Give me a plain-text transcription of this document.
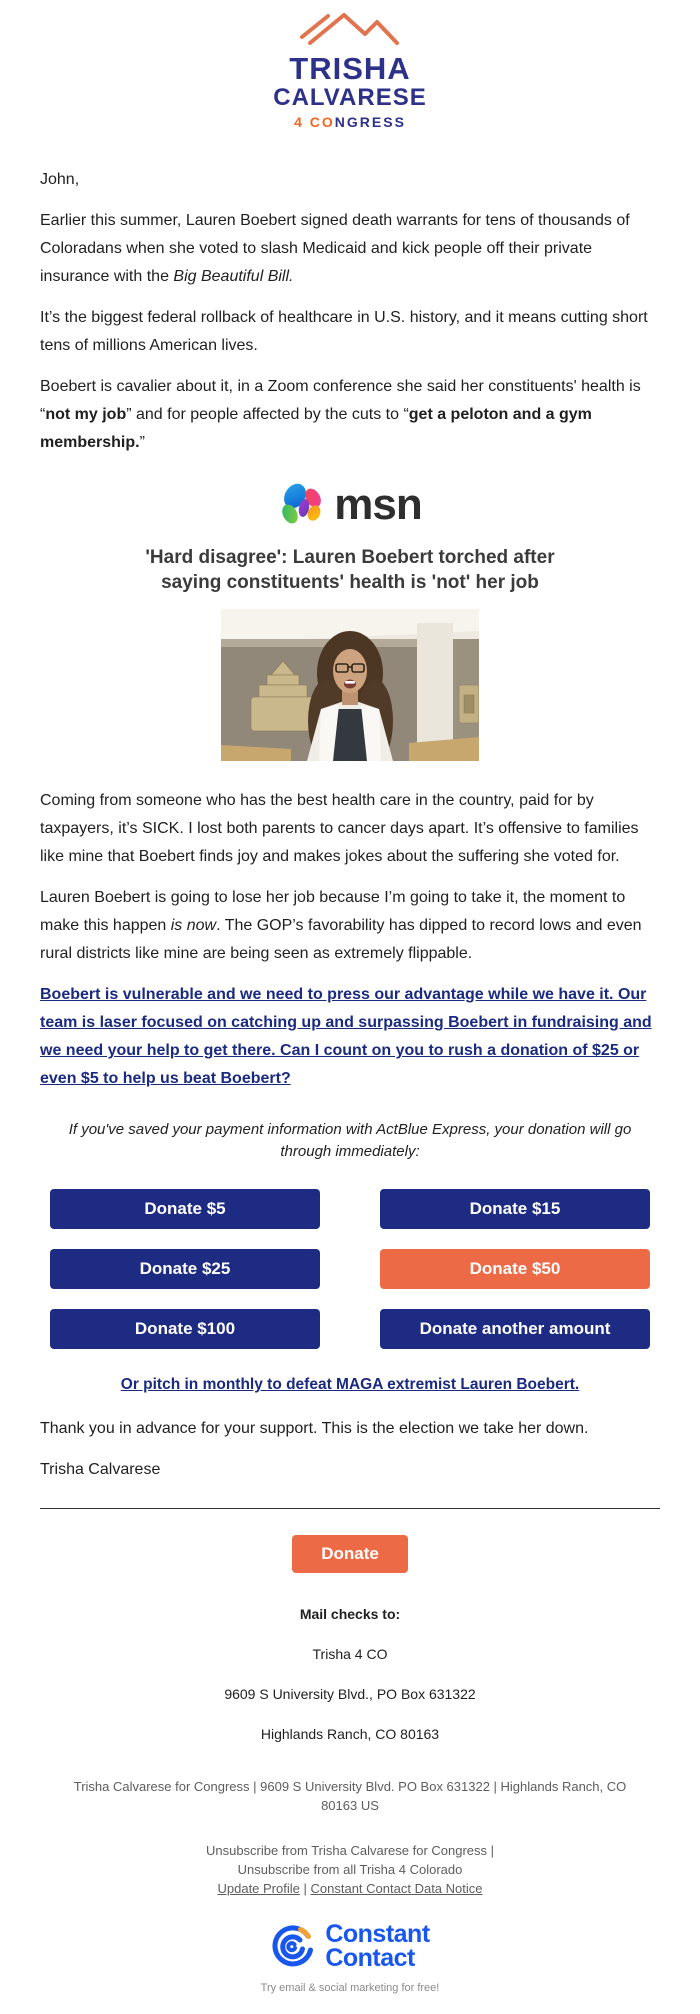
TRISHA
CALVARESE
4 CONGRESS

John,

Earlier this summer, Lauren Boebert signed death warrants for tens of thousands of Coloradans when she voted to slash Medicaid and kick people off their private insurance with the Big Beautiful Bill.

It’s the biggest federal rollback of healthcare in U.S. history, and it means cutting short tens of millions American lives.

Boebert is cavalier about it, in a Zoom conference she said her constituents' health is “not my job” and for people affected by the cuts to “get a peloton and a gym membership.”

msn
'Hard disagree': Lauren Boebert torched after
saying constituents' health is 'not' her job

Coming from someone who has the best health care in the country, paid for by taxpayers, it’s SICK. I lost both parents to cancer days apart. It’s offensive to families like mine that Boebert finds joy and makes jokes about the suffering she voted for.

Lauren Boebert is going to lose her job because I’m going to take it, the moment to make this happen is now. The GOP’s favorability has dipped to record lows and even rural districts like mine are being seen as extremely flippable.

Boebert is vulnerable and we need to press our advantage while we have it. Our team is laser focused on catching up and surpassing Boebert in fundraising and we need your help to get there. Can I count on you to rush a donation of $25 or even $5 to help us beat Boebert?

If you've saved your payment information with ActBlue Express, your donation will go through immediately:

Donate $5	Donate $15
Donate $25	Donate $50
Donate $100	Donate another amount
Or pitch in monthly to defeat MAGA extremist Lauren Boebert.

Thank you in advance for your support. This is the election we take her down.

Trisha Calvarese

Donate

Mail checks to:

Trisha 4 CO

9609 S University Blvd., PO Box 631322

Highlands Ranch, CO 80163

Trisha Calvarese for Congress | 9609 S University Blvd. PO Box 631322 | Highlands Ranch, CO 80163 US
Unsubscribe from Trisha Calvarese for Congress |
Unsubscribe from all Trisha 4 Colorado
Update Profile | Constant Contact Data Notice
Constant
Contact
Try email & social marketing for free!
